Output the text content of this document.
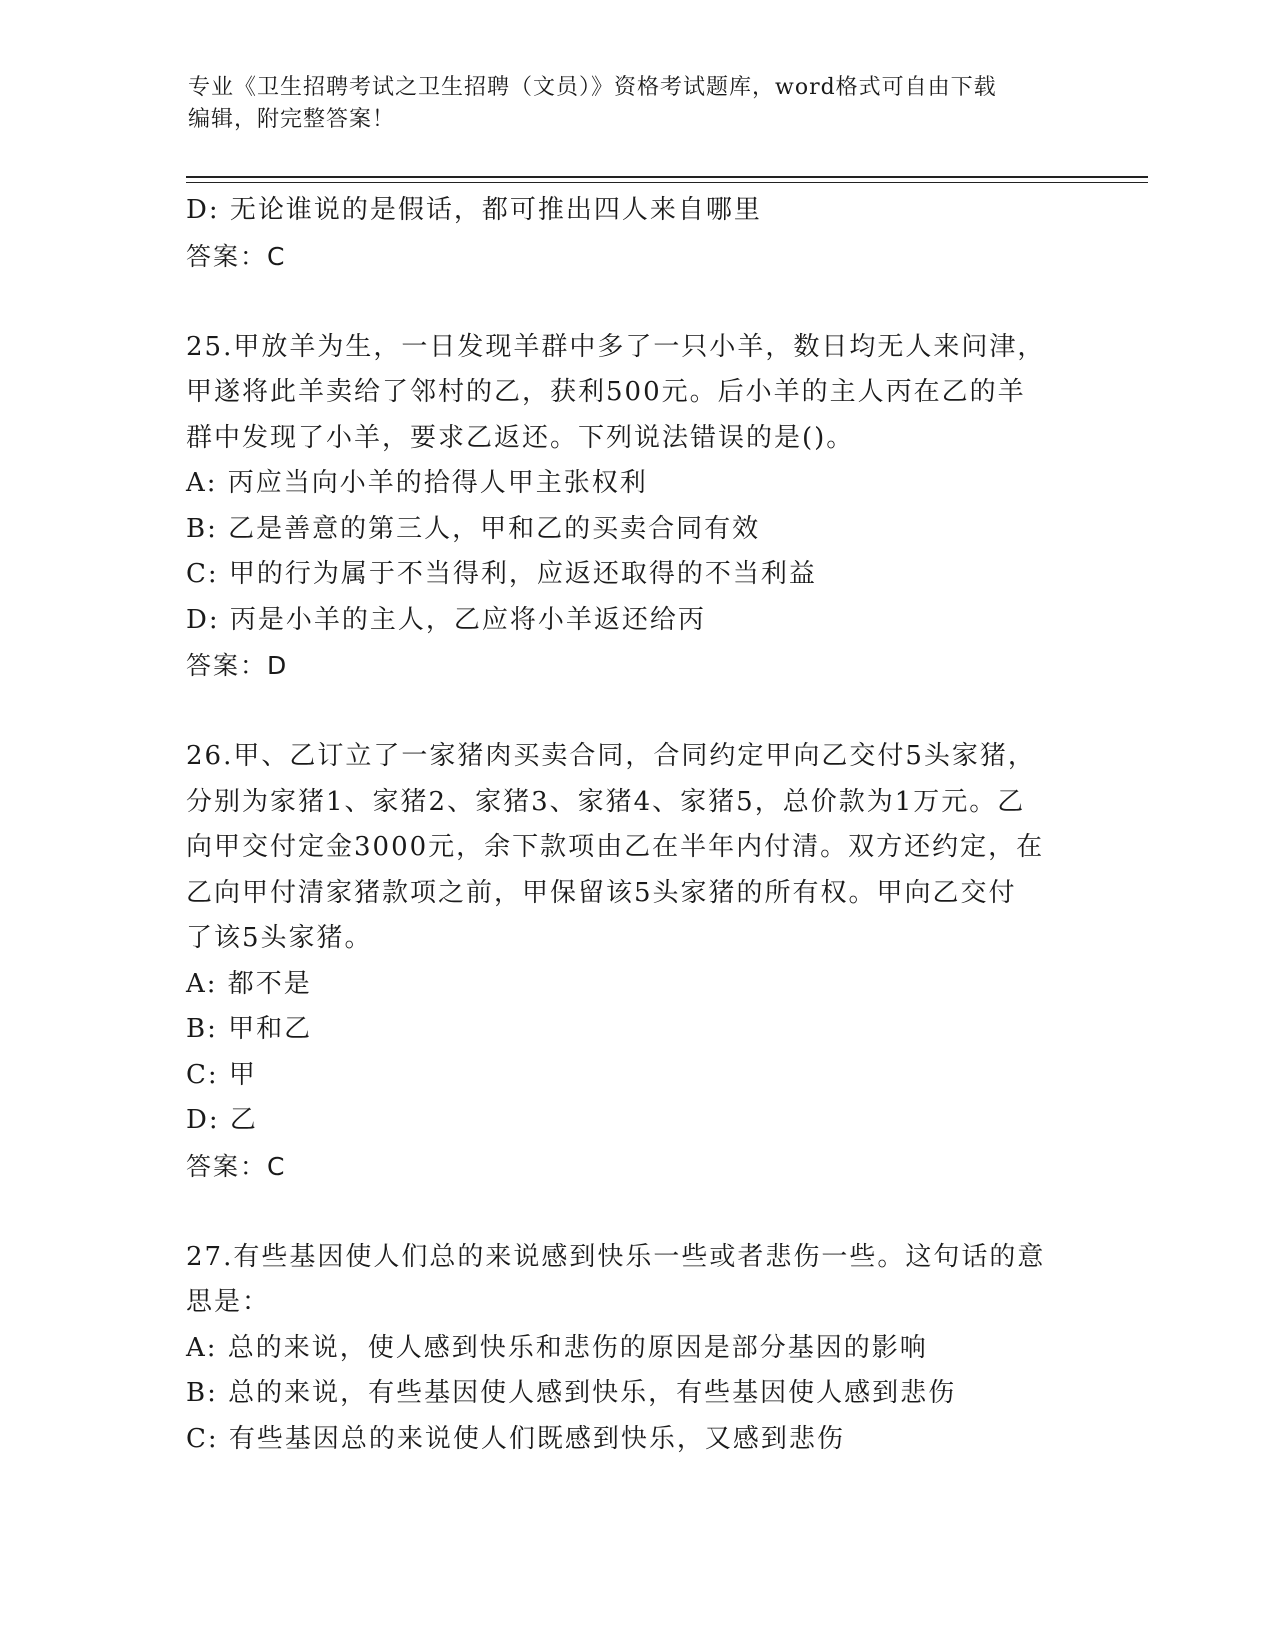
专业《卫生招聘考试之卫生招聘（文员）》资格考试题库，word格式可自由下载
编辑，附完整答案！
D: 无论谁说的是假话，都可推出四人来自哪里
答案：C
25.甲放羊为生，一日发现羊群中多了一只小羊，数日均无人来问津，
甲遂将此羊卖给了邻村的乙，获利500元。后小羊的主人丙在乙的羊
群中发现了小羊，要求乙返还。下列说法错误的是()。
A: 丙应当向小羊的拾得人甲主张权利
B: 乙是善意的第三人，甲和乙的买卖合同有效
C: 甲的行为属于不当得利，应返还取得的不当利益
D: 丙是小羊的主人，乙应将小羊返还给丙
答案：D
26.甲、乙订立了一家猪肉买卖合同，合同约定甲向乙交付5头家猪，
分别为家猪1、家猪2、家猪3、家猪4、家猪5，总价款为1万元。乙
向甲交付定金3000元，余下款项由乙在半年内付清。双方还约定，在
乙向甲付清家猪款项之前，甲保留该5头家猪的所有权。甲向乙交付
了该5头家猪。
A: 都不是
B: 甲和乙
C: 甲
D: 乙
答案：C
27.有些基因使人们总的来说感到快乐一些或者悲伤一些。这句话的意
思是：
A: 总的来说，使人感到快乐和悲伤的原因是部分基因的影响
B: 总的来说，有些基因使人感到快乐，有些基因使人感到悲伤
C: 有些基因总的来说使人们既感到快乐，又感到悲伤
